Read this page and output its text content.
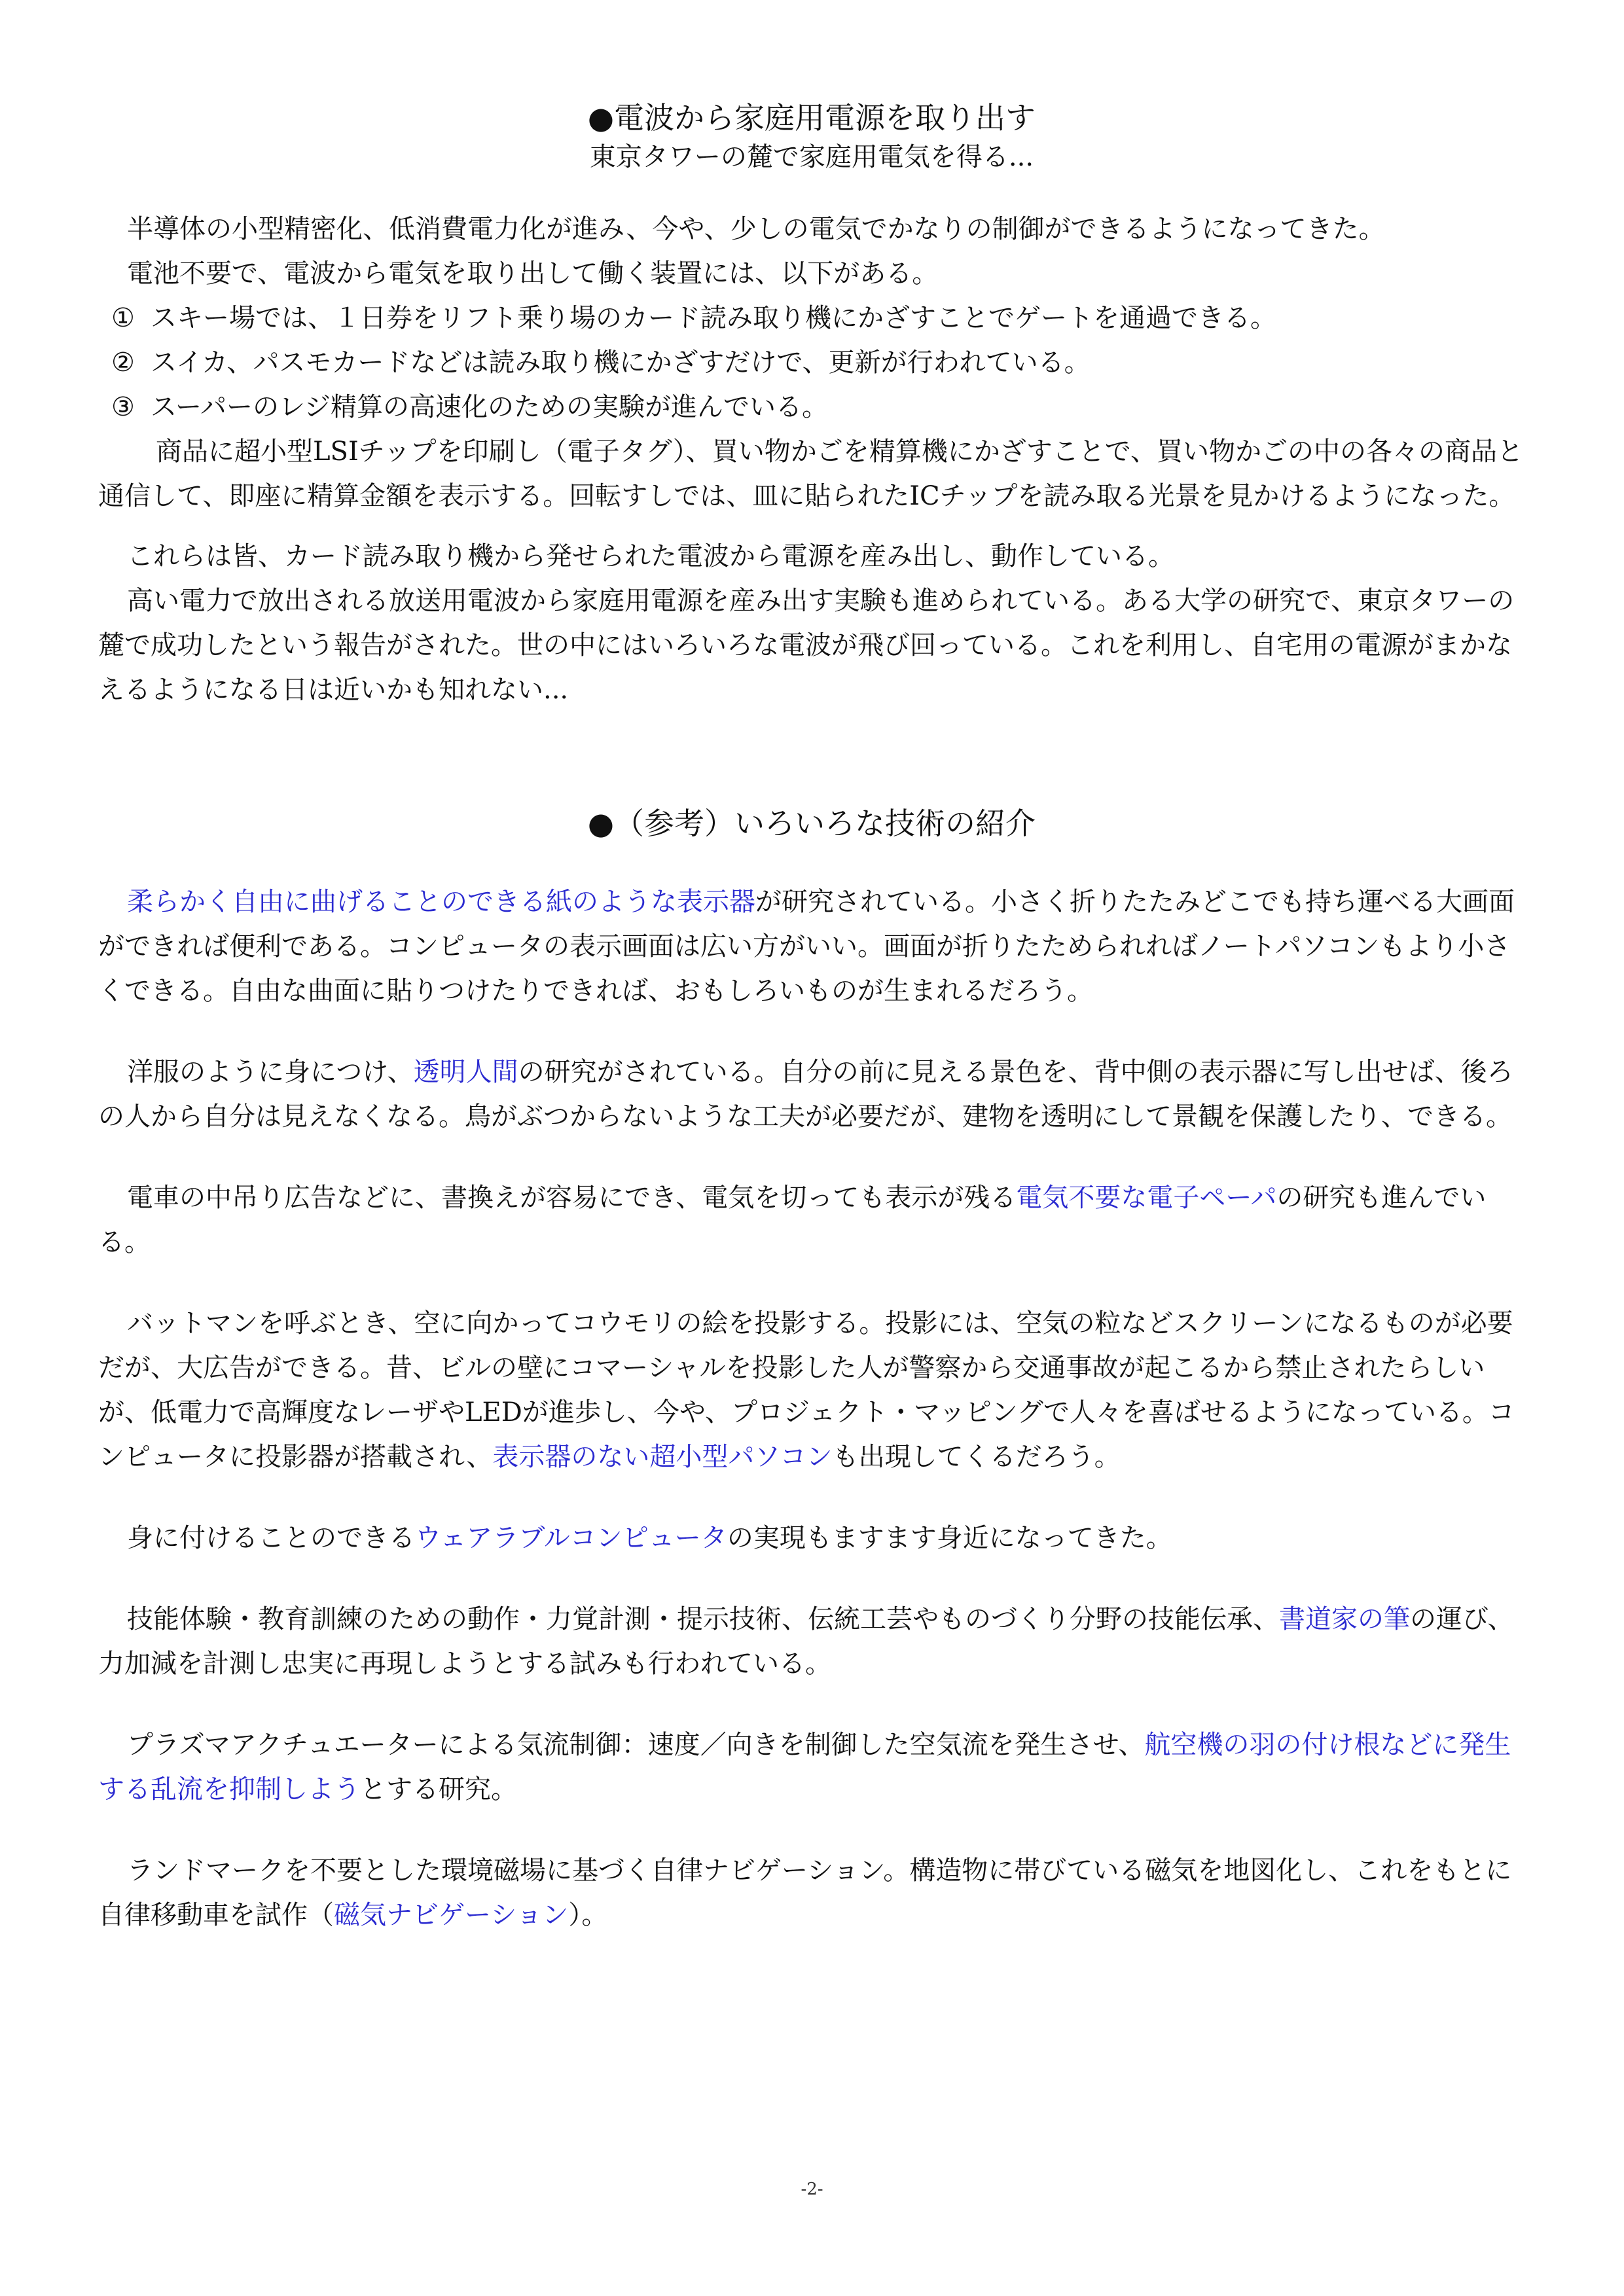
●電波から家庭用電源を取り出す

東京タワーの麓で家庭用電気を得る...

半導体の小型精密化、低消費電力化が進み、今や、少しの電気でかなりの制御ができるようになってきた。

電池不要で、電波から電気を取り出して働く装置には、以下がある。

① スキー場では、１日券をリフト乗り場のカード読み取り機にかざすことでゲートを通過できる。

② スイカ、パスモカードなどは読み取り機にかざすだけで、更新が行われている。

③ スーパーのレジ精算の高速化のための実験が進んでいる。

商品に超小型LSIチップを印刷し（電子タグ）、買い物かごを精算機にかざすことで、買い物かごの中の各々の商品と通信して、即座に精算金額を表示する。回転すしでは、皿に貼られたICチップを読み取る光景を見かけるようになった。

これらは皆、カード読み取り機から発せられた電波から電源を産み出し、動作している。

高い電力で放出される放送用電波から家庭用電源を産み出す実験も進められている。ある大学の研究で、東京タワーの麓で成功したという報告がされた。世の中にはいろいろな電波が飛び回っている。これを利用し、自宅用の電源がまかなえるようになる日は近いかも知れない...

●（参考）いろいろな技術の紹介

柔らかく自由に曲げることのできる紙のような表示器が研究されている。小さく折りたたみどこでも持ち運べる大画面ができれば便利である。コンピュータの表示画面は広い方がいい。画面が折りたためられればノートパソコンもより小さくできる。自由な曲面に貼りつけたりできれば、おもしろいものが生まれるだろう。

洋服のように身につけ、透明人間の研究がされている。自分の前に見える景色を、背中側の表示器に写し出せば、後ろの人から自分は見えなくなる。鳥がぶつからないような工夫が必要だが、建物を透明にして景観を保護したり、できる。

電車の中吊り広告などに、書換えが容易にでき、電気を切っても表示が残る電気不要な電子ペーパの研究も進んでいる。

バットマンを呼ぶとき、空に向かってコウモリの絵を投影する。投影には、空気の粒などスクリーンになるものが必要だが、大広告ができる。昔、ビルの壁にコマーシャルを投影した人が警察から交通事故が起こるから禁止されたらしいが、低電力で高輝度なレーザやLEDが進歩し、今や、プロジェクト・マッピングで人々を喜ばせるようになっている。コンピュータに投影器が搭載され、表示器のない超小型パソコンも出現してくるだろう。

身に付けることのできるウェアラブルコンピュータの実現もますます身近になってきた。

技能体験・教育訓練のための動作・力覚計測・提示技術、伝統工芸やものづくり分野の技能伝承、書道家の筆の運び、力加減を計測し忠実に再現しようとする試みも行われている。

プラズマアクチュエーターによる気流制御：速度／向きを制御した空気流を発生させ、航空機の羽の付け根などに発生する乱流を抑制しようとする研究。

ランドマークを不要とした環境磁場に基づく自律ナビゲーション。構造物に帯びている磁気を地図化し、これをもとに自律移動車を試作（磁気ナビゲーション）。

-2-
